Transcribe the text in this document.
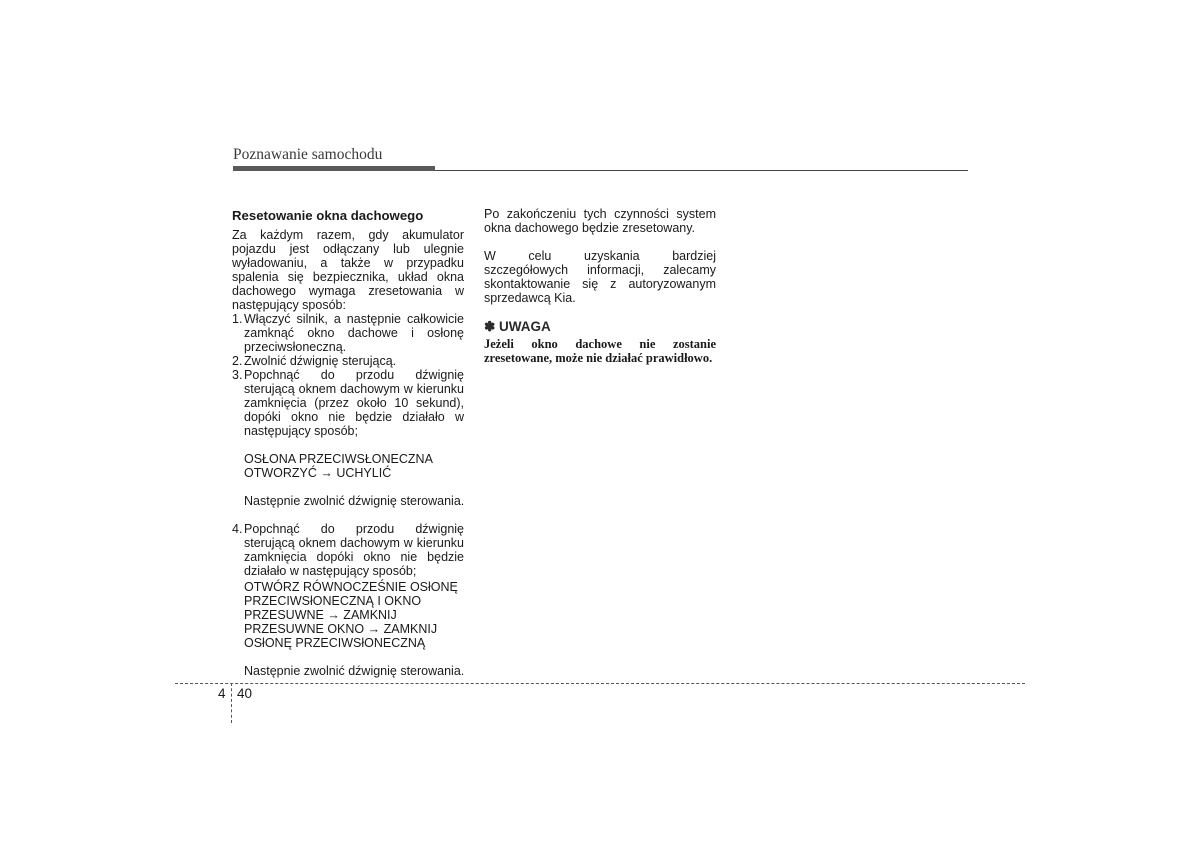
Poznawanie samochodu
Resetowanie okna dachowego
Za każdym razem, gdy akumulator pojazdu jest odłączany lub ulegnie wyładowaniu, a także w przypadku spalenia się bezpiecznika, układ okna dachowego wymaga zresetowania w następujący sposób:
1. Włączyć silnik, a następnie całkowicie zamknąć okno dachowe i osłonę przeciwsłoneczną.
2. Zwolnić dźwignię sterującą.
3. Popchnąć do przodu dźwignię sterującą oknem dachowym w kierunku zamknięcia (przez około 10 sekund), dopóki okno nie będzie działało w następujący sposób;
OSŁONA PRZECIWSŁONECZNA
OTWORZYĆ → UCHYLIĆ
Następnie zwolnić dźwignię sterowania.
4. Popchnąć do przodu dźwignię sterującą oknem dachowym w kierunku zamknięcia dopóki okno nie będzie działało w następujący sposób;
OTWÓRZ RÓWNOCZEŚNIE OSłONĘ
PRZECIWSłONECZNĄ I OKNO
PRZESUWNE → ZAMKNIJ
PRZESUWNE OKNO → ZAMKNIJ
OSłONĘ PRZECIWSłONECZNĄ
Następnie zwolnić dźwignię sterowania.
Po zakończeniu tych czynności system okna dachowego będzie zresetowany.
W celu uzyskania bardziej szczegółowych informacji, zalecamy skontaktowanie się z autoryzowanym sprzedawcą Kia.
✽ UWAGA
Jeżeli okno dachowe nie zostanie zresetowane, może nie działać prawidłowo.
4 40
